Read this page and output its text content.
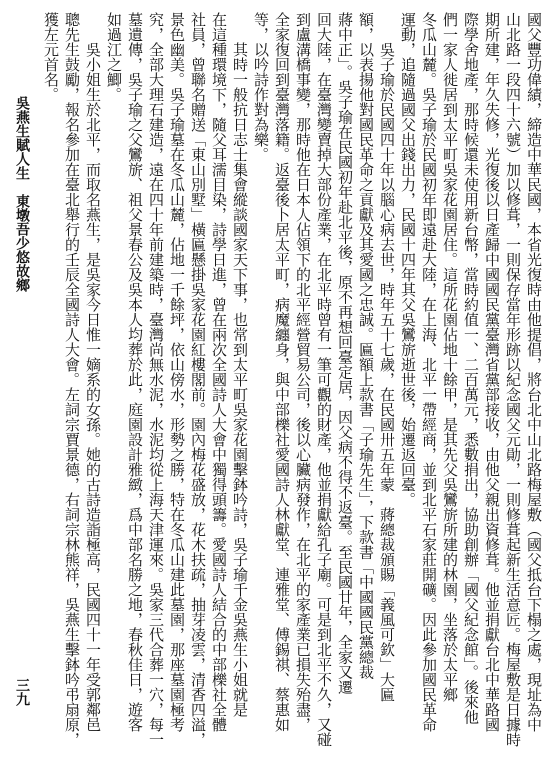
國父豐功偉績，締造中華民國，本省光復時由他提倡，將台北中山北路梅屋敷（國父抵台下榻之處，現址為中
山北路一段四十六號）加以修葺，一則保存當年形跡以紀念國父元勛，一則修葺起新生活意匠。梅屋敷是日據時
期所建，年久失修，光復後以日產歸中國國民黨臺灣省黨部接收，由他父親出資修葺。他並捐獻台北中華路國
際學舍地產，那時候還未使用新台幣，當時約值一、二百萬元，悉數捐出，協助創辦「國父紀念館」。後來他
們一家人徙居到太平町吳家花園居住。這所花園佔地十餘甲，是其先父吳鸞旂所建的林園，坐落於太平鄉
冬瓜山麓。吳子瑜於民國初年即遠赴大陸，在上海、北平一帶經商，並到北平石家莊開礦。因此參加國民革命
運動，追隨過國父出錢出力，民國十四年其父吳鸞旂逝世後，始遷返回臺。
吳子瑜於民國四十年以腦心病去世，時年五十七歲，在民國卅五年蒙　蔣總裁頒賜「義風可欽」大匾
額，以表揚他對國民革命之貢獻及其愛國之忠誠。匾額上款書「子瑜先生」，下款書「中國國民黨總裁
蔣中正」。吳子瑜在民國初年赴北平後，原不再想回臺定居，因父病不得不返臺。至民國廿年，全家又遷
回大陸，在臺灣變賣掉大部份產業，在北平時曾有一筆可觀的財產，他並捐獻給孔子廟。可是到北平不久，又碰
到盧溝橋事變，那時他在日本人佔領下的北平經營貿易公司，後以心臟病發作，在北平的家產業已損失殆盡，
全家復回到臺灣落籍。返臺後卜居太平町，病魔纏身，與中部櫟社愛國詩人林獻堂、連雅堂、傅錫祺、蔡惠如
等，以吟詩作對為樂。
其時一般抗日志士集會縱談國家天下事，也常到太平町吳家花園擊鉢吟詩，吳子瑜千金吳燕生小姐就是
在這種環境下，隨父耳濡目染，詩學日進，曾在兩次全國詩人大會中獨得頭籌。愛國詩人結合的中部櫟社全體
社員，曾聯名贈送「東山別墅」橫匾懸掛吳家花園紅樓閣前。園內梅花盛放，花木扶疏，抽芽凌雲，清香四溢，
景色幽美。吳子瑜墓在冬瓜山麓，佔地一千餘坪，依山傍水，形勢之勝，特在冬瓜山建此墓園，那座墓園極考
究，全部大理石建造，遠在四十年前建築時，臺灣尚無水泥，水泥均從上海天津運來。吳家三代合葬一穴，每一
墓遺傳，吳子瑜之父鸞旂、祖父景春公及吳本人均葬於此，庭園設計雅緻，爲中部名勝之地，春秋佳日，遊客
如過江之鯽。
吳小姐生於北平，而取名燕生，是吳家今日惟一嫡系的女孫。她的古詩造詣極高，民國四十一年受郭鄰邑
聰先生鼓勵，報名參加在臺北舉行的壬辰全國詩人大會。左詞宗賈景德，右詞宗林熊祥，吳燕生擊鉢吟弔扇原，
獲左元首名。
吳燕生賦人生東墩吾少悠故鄉
三九
